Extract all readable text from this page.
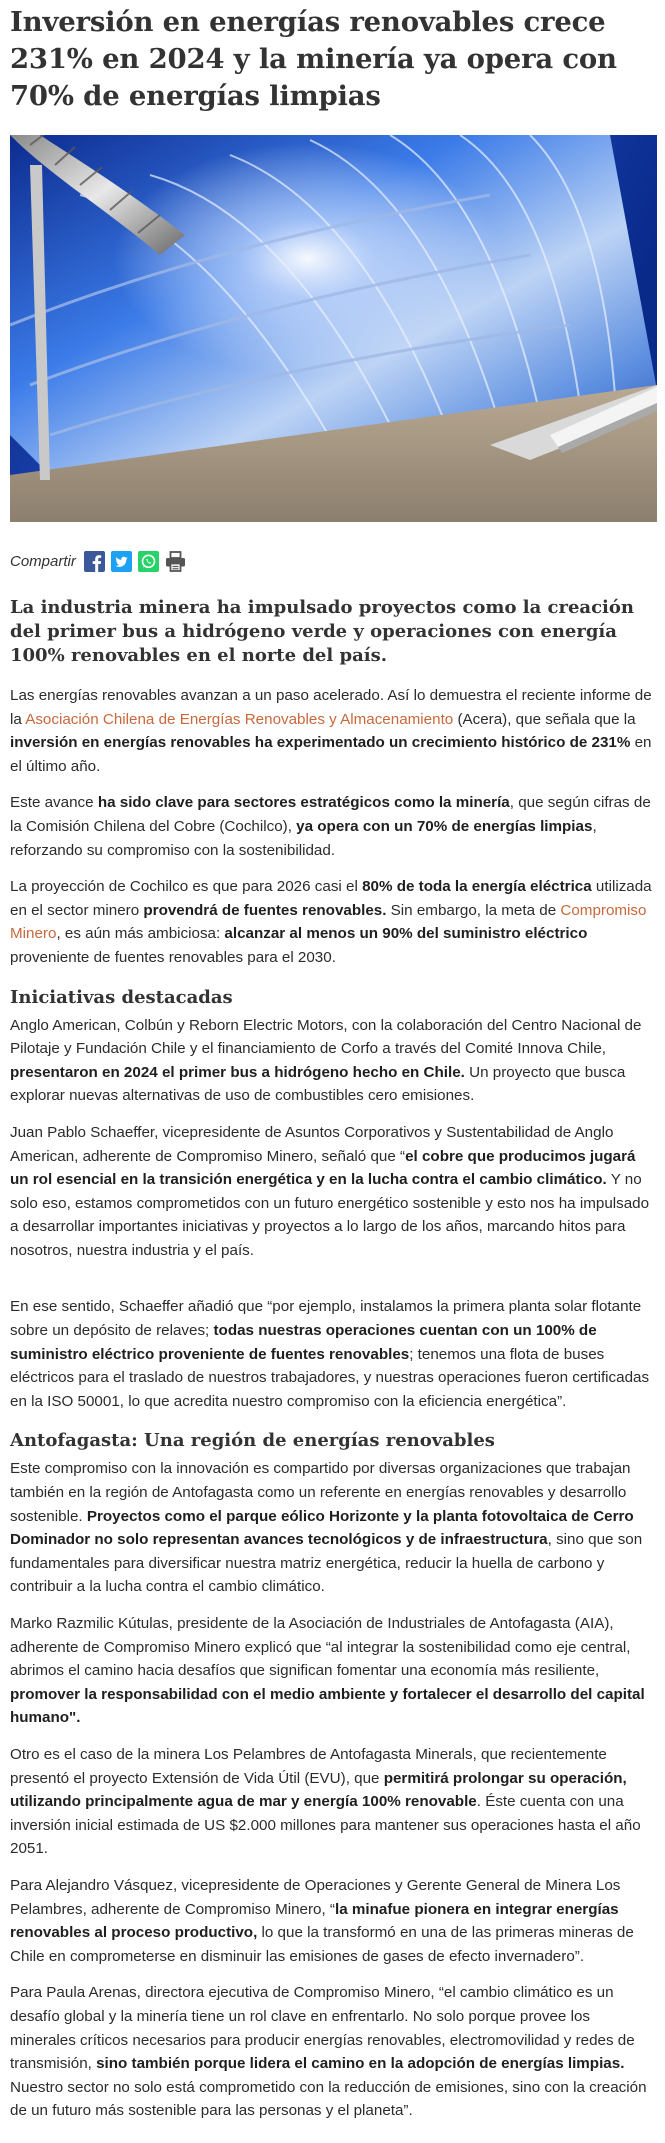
Inversión en energías renovables crece 231% en 2024 y la minería ya opera con 70% de energías limpias
Compartir
La industria minera ha impulsado proyectos como la creación del primer bus a hidrógeno verde y operaciones con energía 100% renovables en el norte del país.

Las energías renovables avanzan a un paso acelerado. Así lo demuestra el reciente informe de la Asociación Chilena de Energías Renovables y Almacenamiento (Acera), que señala que la inversión en energías renovables ha experimentado un crecimiento histórico de 231% en el último año.

Este avance ha sido clave para sectores estratégicos como la minería, que según cifras de la Comisión Chilena del Cobre (Cochilco), ya opera con un 70% de energías limpias, reforzando su compromiso con la sostenibilidad.

La proyección de Cochilco es que para 2026 casi el 80% de toda la energía eléctrica utilizada en el sector minero provendrá de fuentes renovables. Sin embargo, la meta de Compromiso Minero, es aún más ambiciosa: alcanzar al menos un 90% del suministro eléctrico proveniente de fuentes renovables para el 2030.

Iniciativas destacadas

Anglo American, Colbún y Reborn Electric Motors, con la colaboración del Centro Nacional de Pilotaje y Fundación Chile y el financiamiento de Corfo a través del Comité Innova Chile, presentaron en 2024 el primer bus a hidrógeno hecho en Chile. Un proyecto que busca explorar nuevas alternativas de uso de combustibles cero emisiones.

Juan Pablo Schaeffer, vicepresidente de Asuntos Corporativos y Sustentabilidad de Anglo American, adherente de Compromiso Minero, señaló que “el cobre que producimos jugará un rol esencial en la transición energética y en la lucha contra el cambio climático. Y no solo eso, estamos comprometidos con un futuro energético sostenible y esto nos ha impulsado a desarrollar importantes iniciativas y proyectos a lo largo de los años, marcando hitos para nosotros, nuestra industria y el país.

En ese sentido, Schaeffer añadió que “por ejemplo, instalamos la primera planta solar flotante sobre un depósito de relaves; todas nuestras operaciones cuentan con un 100% de suministro eléctrico proveniente de fuentes renovables; tenemos una flota de buses eléctricos para el traslado de nuestros trabajadores, y nuestras operaciones fueron certificadas en la ISO 50001, lo que acredita nuestro compromiso con la eficiencia energética”.

Antofagasta: Una región de energías renovables

Este compromiso con la innovación es compartido por diversas organizaciones que trabajan también en la región de Antofagasta como un referente en energías renovables y desarrollo sostenible. Proyectos como el parque eólico Horizonte y la planta fotovoltaica de Cerro Dominador no solo representan avances tecnológicos y de infraestructura, sino que son fundamentales para diversificar nuestra matriz energética, reducir la huella de carbono y contribuir a la lucha contra el cambio climático.

Marko Razmilic Kútulas, presidente de la Asociación de Industriales de Antofagasta (AIA), adherente de Compromiso Minero explicó que “al integrar la sostenibilidad como eje central, abrimos el camino hacia desafíos que significan fomentar una economía más resiliente, promover la responsabilidad con el medio ambiente y fortalecer el desarrollo del capital humano".

Otro es el caso de la minera Los Pelambres de Antofagasta Minerals, que recientemente presentó el proyecto Extensión de Vida Útil (EVU), que permitirá prolongar su operación, utilizando principalmente agua de mar y energía 100% renovable. Éste cuenta con una inversión inicial estimada de US $2.000 millones para mantener sus operaciones hasta el año 2051.

Para Alejandro Vásquez, vicepresidente de Operaciones y Gerente General de Minera Los Pelambres, adherente de Compromiso Minero, “la minafue pionera en integrar energías renovables al proceso productivo, lo que la transformó en una de las primeras mineras de Chile en comprometerse en disminuir las emisiones de gases de efecto invernadero”.

Para Paula Arenas, directora ejecutiva de Compromiso Minero, “el cambio climático es un desafío global y la minería tiene un rol clave en enfrentarlo. No solo porque provee los minerales críticos necesarios para producir energías renovables, electromovilidad y redes de transmisión, sino también porque lidera el camino en la adopción de energías limpias. Nuestro sector no solo está comprometido con la reducción de emisiones, sino con la creación de un futuro más sostenible para las personas y el planeta”.
